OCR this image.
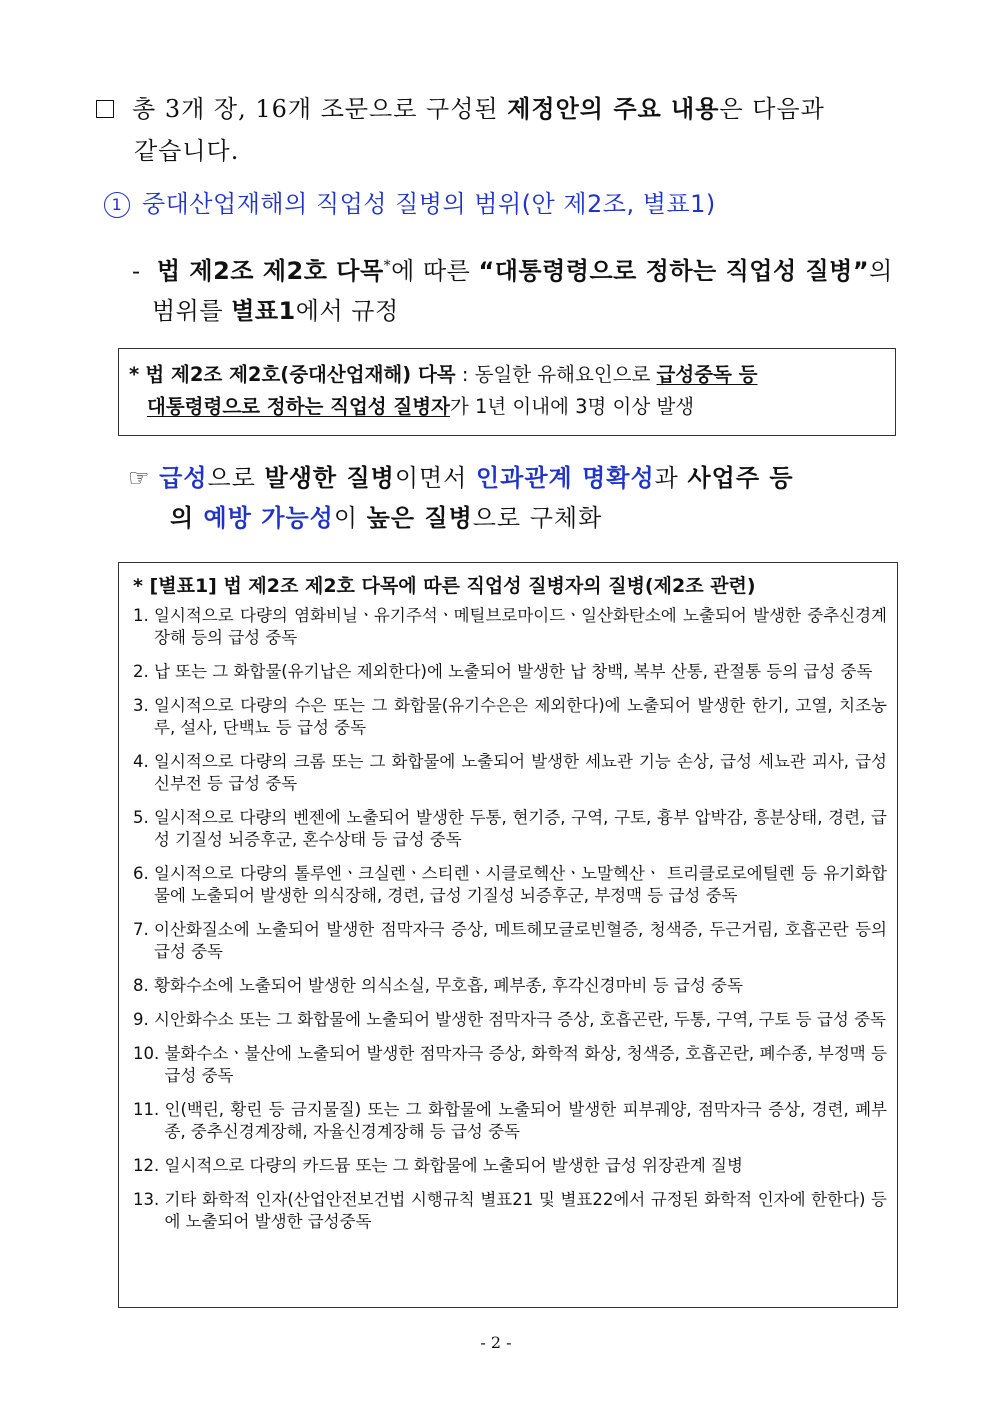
총 3개 장, 16개 조문으로 구성된 제정안의 주요 내용은 다음과
같습니다.
1 중대산업재해의 직업성 질병의 범위(안 제2조, 별표1)
- 법 제2조 제2호 다목*에 따른 “대통령령으로 정하는 직업성 질병”의
범위를 별표1에서 규정
* 법 제2조 제2호(중대산업재해) 다목 : 동일한 유해요인으로 급성중독 등
대통령령으로 정하는 직업성 질병자가 1년 이내에 3명 이상 발생
☞ 급성으로 발생한 질병이면서 인과관계 명확성과 사업주 등
의 예방 가능성이 높은 질병으로 구체화
* [별표1] 법 제2조 제2호 다목에 따른 직업성 질병자의 질병(제2조 관련)
1.
일시적으로 다량의 염화비닐ㆍ유기주석ㆍ메틸브로마이드ㆍ일산화탄소에 노출되어 발생한 중추신경계장해 등의 급성 중독
2.
납 또는 그 화합물(유기납은 제외한다)에 노출되어 발생한 납 창백, 복부 산통, 관절통 등의 급성 중독
3.
일시적으로 다량의 수은 또는 그 화합물(유기수은은 제외한다)에 노출되어 발생한 한기, 고열, 치조농루, 설사, 단백뇨 등 급성 중독
4.
일시적으로 다량의 크롬 또는 그 화합물에 노출되어 발생한 세뇨관 기능 손상, 급성 세뇨관 괴사, 급성 신부전 등 급성 중독
5.
일시적으로 다량의 벤젠에 노출되어 발생한 두통, 현기증, 구역, 구토, 흉부 압박감, 흥분상태, 경련, 급성 기질성 뇌증후군, 혼수상태 등 급성 중독
6.
일시적으로 다량의 톨루엔ㆍ크실렌ㆍ스티렌ㆍ시클로헥산ㆍ노말헥산ㆍ 트리클로로에틸렌 등 유기화합물에 노출되어 발생한 의식장해, 경련, 급성 기질성 뇌증후군, 부정맥 등 급성 중독
7.
이산화질소에 노출되어 발생한 점막자극 증상, 메트헤모글로빈혈증, 청색증, 두근거림, 호흡곤란 등의 급성 중독
8.
황화수소에 노출되어 발생한 의식소실, 무호흡, 폐부종, 후각신경마비 등 급성 중독
9.
시안화수소 또는 그 화합물에 노출되어 발생한 점막자극 증상, 호흡곤란, 두통, 구역, 구토 등 급성 중독
10.
불화수소ㆍ불산에 노출되어 발생한 점막자극 증상, 화학적 화상, 청색증, 호흡곤란, 폐수종, 부정맥 등 급성 중독
11.
인(백린, 황린 등 금지물질) 또는 그 화합물에 노출되어 발생한 피부궤양, 점막자극 증상, 경련, 폐부종, 중추신경계장해, 자율신경계장해 등 급성 중독
12.
일시적으로 다량의 카드뮴 또는 그 화합물에 노출되어 발생한 급성 위장관계 질병
13.
기타 화학적 인자(산업안전보건법 시행규칙 별표21 및 별표22에서 규정된 화학적 인자에 한한다) 등에 노출되어 발생한 급성중독
- 2 -
